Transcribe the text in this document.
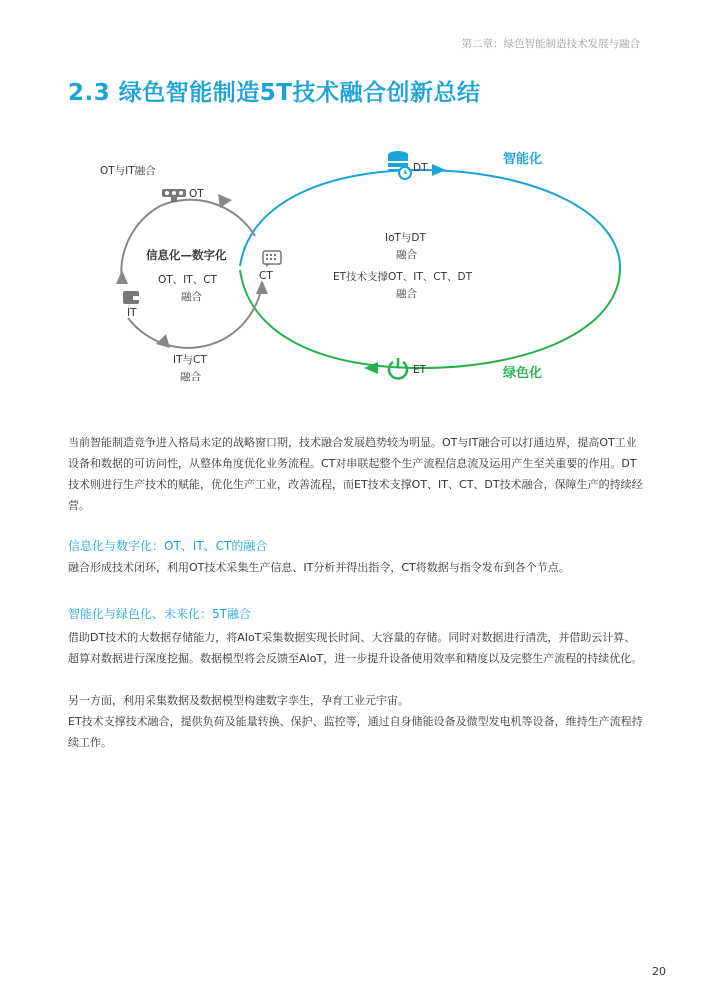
第二章：绿色智能制造技术发展与融合
2.3 绿色智能制造5T技术融合创新总结
OT与IT融合
OT
CT
IT
信息化—数字化
OT、IT、CT
融合
IT与CT
融合
DT
ET
智能化
绿色化
IoT与DT
融合
ET技术支撑OT、IT、CT、DT
融合

当前智能制造竞争进入格局未定的战略窗口期，技术融合发展趋势较为明显。OT与IT融合可以打通边界，提高OT工业设备和数据的可访问性，从整体角度优化业务流程。CT对串联起整个生产流程信息流及运用产生至关重要的作用。DT技术则进行生产技术的赋能，优化生产工业，改善流程，而ET技术支撑OT、IT、CT、DT技术融合，保障生产的持续经营。

信息化与数字化：OT、IT、CT的融合

融合形成技术闭环，利用OT技术采集生产信息、IT分析并得出指令，CT将数据与指令发布到各个节点。

智能化与绿色化、未来化：5T融合

借助DT技术的大数据存储能力，将AIoT采集数据实现长时间、大容量的存储。同时对数据进行清洗，并借助云计算、超算对数据进行深度挖掘。数据模型将会反馈至AIoT，进一步提升设备使用效率和精度以及完整生产流程的持续优化。

另一方面，利用采集数据及数据模型构建数字孪生，孕育工业元宇宙。

ET技术支撑技术融合，提供负荷及能量转换、保护、监控等，通过自身储能设备及微型发电机等设备，维持生产流程持续工作。

20
